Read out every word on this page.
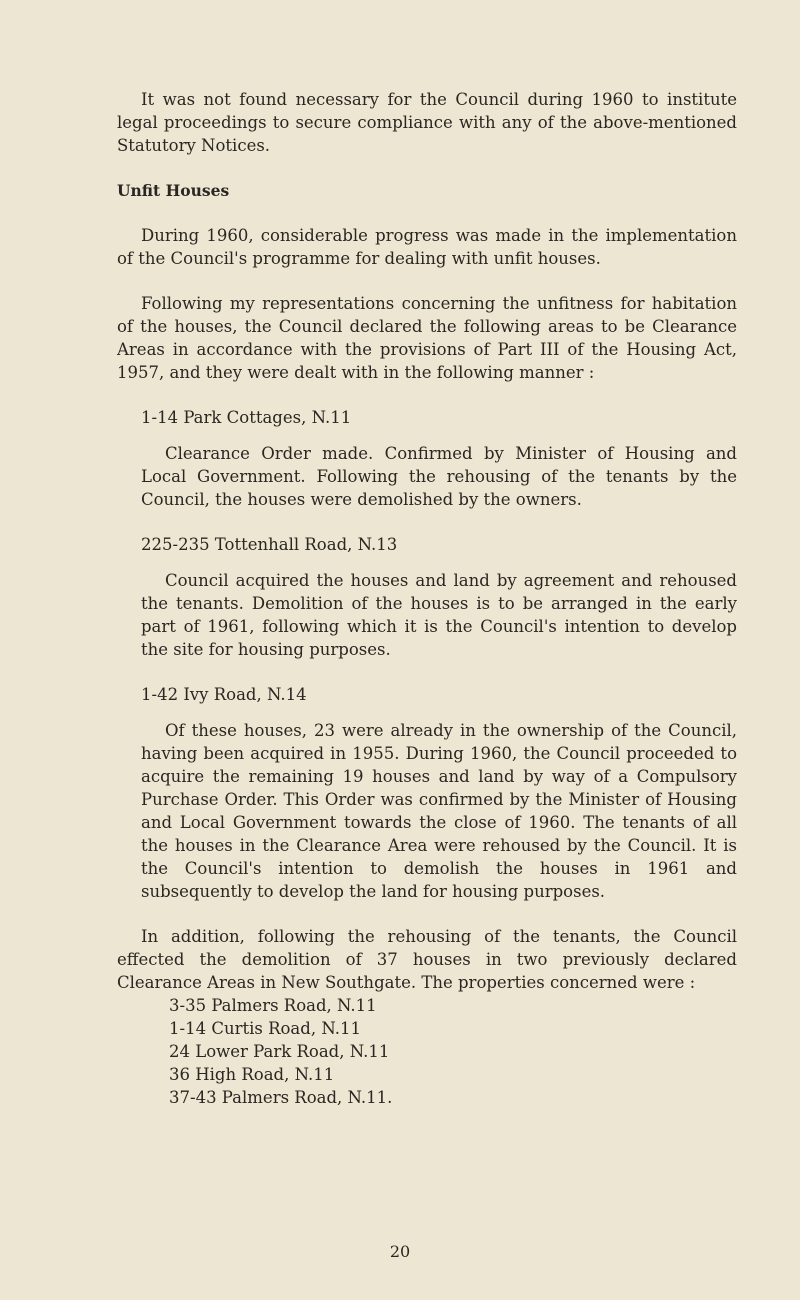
It was not found necessary for the Council during 1960 to institute legal proceedings to secure compliance with any of the above-mentioned Statutory Notices.

Unfit Houses

During 1960, considerable progress was made in the implementation of the Council's programme for dealing with unfit houses.

Following my representations concerning the unfitness for habitation of the houses, the Council declared the following areas to be Clearance Areas in accordance with the provisions of Part III of the Housing Act, 1957, and they were dealt with in the following manner :

1-14 Park Cottages, N.11

Clearance Order made. Confirmed by Minister of Housing and Local Government. Following the rehousing of the tenants by the Council, the houses were demolished by the owners.

225-235 Tottenhall Road, N.13

Council acquired the houses and land by agreement and rehoused the tenants. Demolition of the houses is to be arranged in the early part of 1961, following which it is the Council's intention to develop the site for housing purposes.

1-42 Ivy Road, N.14

Of these houses, 23 were already in the ownership of the Council, having been acquired in 1955. During 1960, the Council proceeded to acquire the remaining 19 houses and land by way of a Compulsory Purchase Order. This Order was confirmed by the Minister of Housing and Local Government towards the close of 1960. The tenants of all the houses in the Clearance Area were rehoused by the Council. It is the Council's intention to demolish the houses in 1961 and subsequently to develop the land for housing purposes.

In addition, following the rehousing of the tenants, the Council effected the demolition of 37 houses in two previously declared Clearance Areas in New Southgate. The properties concerned were :

3-35 Palmers Road, N.11
1-14 Curtis Road, N.11
24 Lower Park Road, N.11
36 High Road, N.11
37-43 Palmers Road, N.11.
20
